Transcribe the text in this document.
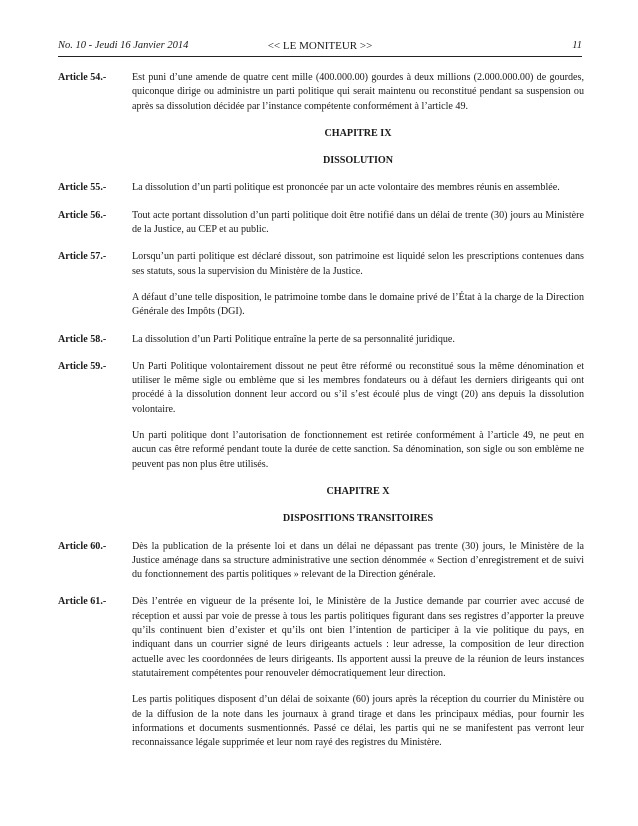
No. 10 - Jeudi 16 Janvier 2014	<< LE MONITEUR >>	11
Article 54.-	Est puni d’une amende de quatre cent mille (400.000.00) gourdes à deux millions (2.000.000.00) de gourdes, quiconque dirige ou administre un parti politique qui serait maintenu ou reconstitué pendant sa suspension ou après sa dissolution décidée par l’instance compétente conformément à l’article 49.

CHAPITRE IX
DISSOLUTION
Article 55.-	La dissolution d’un parti politique est prononcée par un acte volontaire des membres réunis en assemblée.

Article 56.-	Tout acte portant dissolution d’un parti politique doit être notifié dans un délai de trente (30) jours au Ministère de la Justice, au CEP et au public.

Article 57.-	Lorsqu’un parti politique est déclaré dissout, son patrimoine est liquidé selon les prescriptions contenues dans ses statuts, sous la supervision du Ministère de la Justice.

A défaut d’une telle disposition, le patrimoine tombe dans le domaine privé de l’État à la charge de la Direction Générale des Impôts (DGI).

Article 58.-	La dissolution d’un Parti Politique entraîne la perte de sa personnalité juridique.

Article 59.-	Un Parti Politique volontairement dissout ne peut être réformé ou reconstitué sous la même dénomination et utiliser le même sigle ou emblème que si les membres fondateurs ou à défaut les derniers dirigeants qui ont procédé à la dissolution donnent leur accord ou s’il s’est écoulé plus de vingt (20) ans depuis la dissolution volontaire.

Un parti politique dont l’autorisation de fonctionnement est retirée conformément à l’article 49, ne peut en aucun cas être reformé pendant toute la durée de cette sanction. Sa dénomination, son sigle ou son emblème ne peuvent pas non plus être utilisés.

CHAPITRE X
DISPOSITIONS TRANSITOIRES
Article 60.-	Dès la publication de la présente loi et dans un délai ne dépassant pas trente (30) jours, le Ministère de la Justice aménage dans sa structure administrative une section dénommée « Section d’enregistrement et de suivi du fonctionnement des partis politiques » relevant de la Direction générale.

Article 61.-	Dès l’entrée en vigueur de la présente loi, le Ministère de la Justice demande par courrier avec accusé de réception et aussi par voie de presse à tous les partis politiques figurant dans ses registres d’apporter la preuve qu’ils continuent bien d’exister et qu’ils ont bien l’intention de participer à la vie politique du pays, en indiquant dans un courrier signé de leurs dirigeants actuels : leur adresse, la composition de leur direction actuelle avec les coordonnées de leurs dirigeants. Ils apportent aussi la preuve de la réunion de leurs instances statutairement compétentes pour renouveler démocratiquement leur direction.

Les partis politiques disposent d’un délai de soixante (60) jours après la réception du courrier du Ministère ou de la diffusion de la note dans les journaux à grand tirage et dans les principaux médias, pour fournir les informations et documents susmentionnés. Passé ce délai, les partis qui ne se manifestent pas verront leur reconnaissance légale supprimée et leur nom rayé des registres du Ministère.
